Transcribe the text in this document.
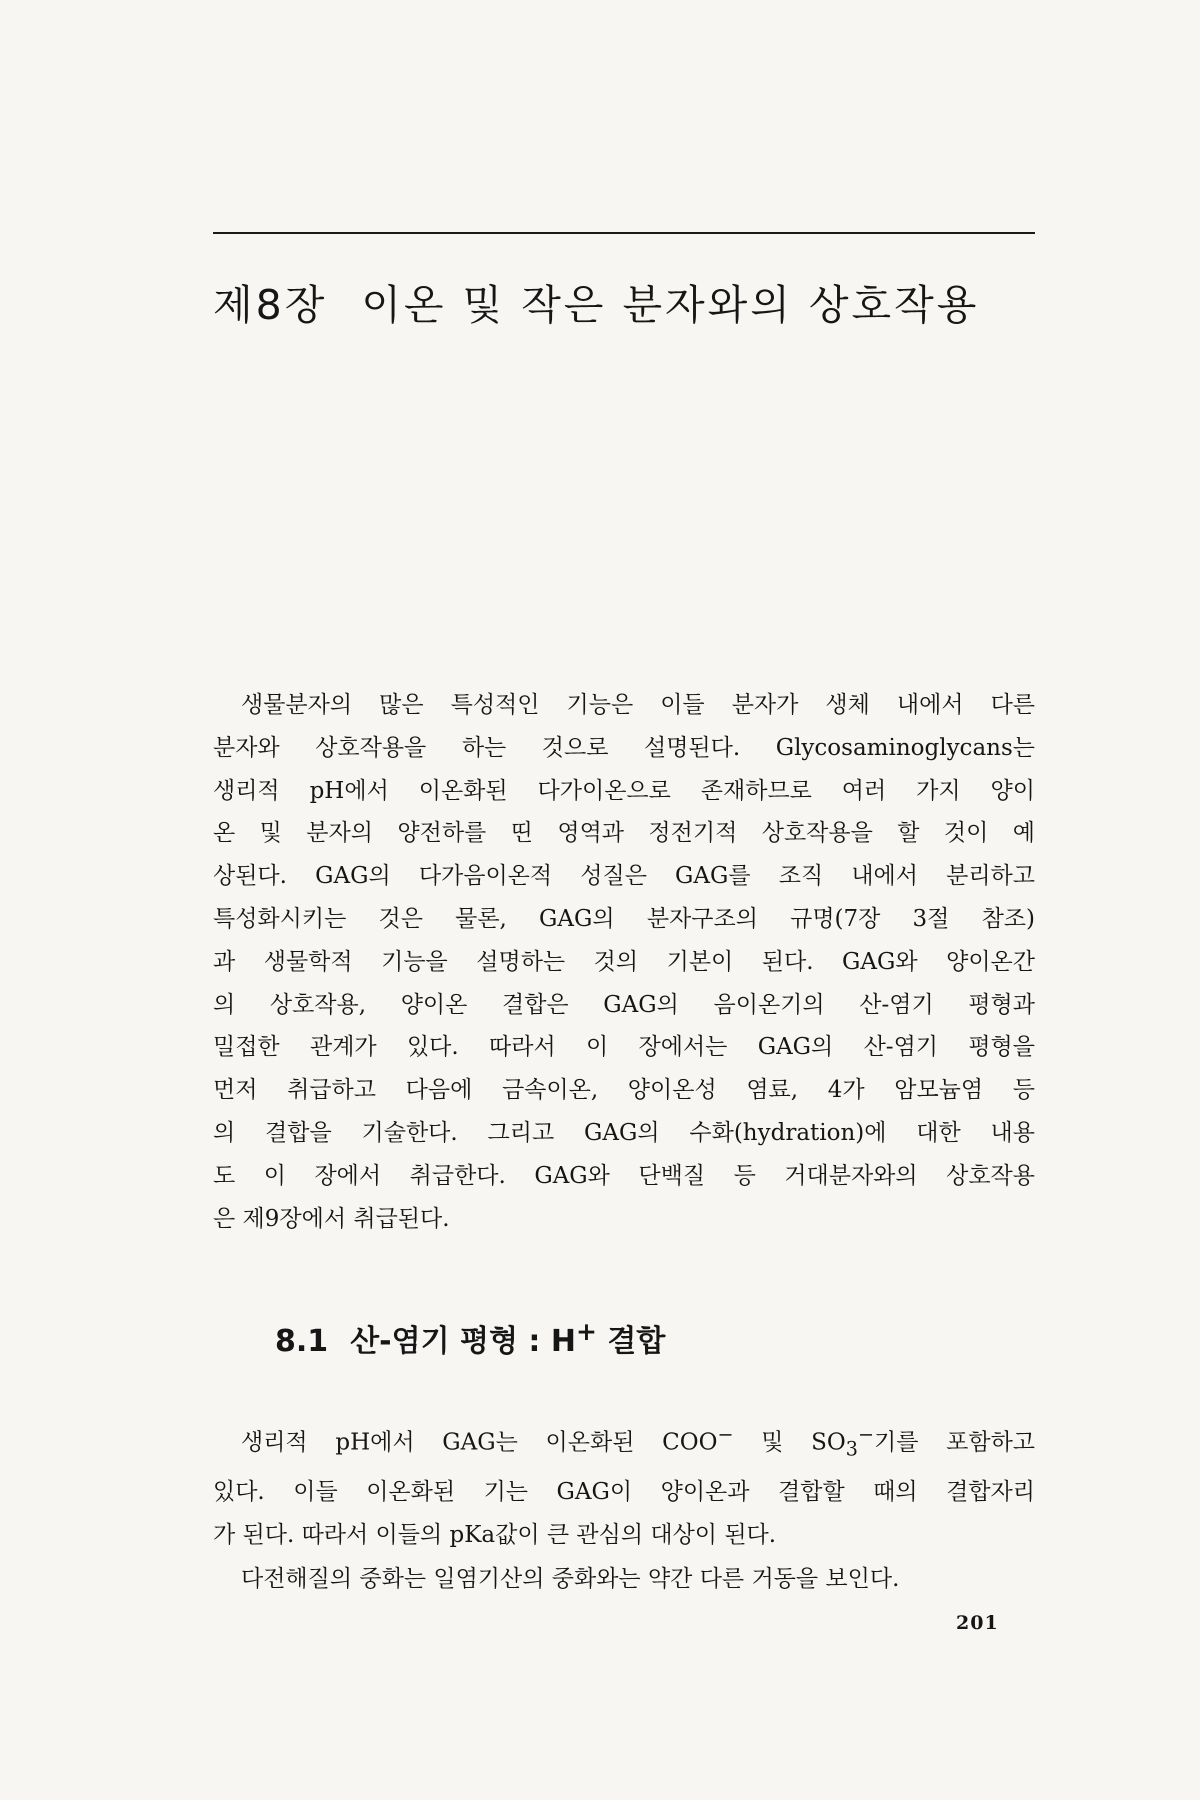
제8장 이온 및 작은 분자와의 상호작용
생물분자의 많은 특성적인 기능은 이들 분자가 생체 내에서 다른
분자와 상호작용을 하는 것으로 설명된다. Glycosaminoglycans는
생리적 pH에서 이온화된 다가이온으로 존재하므로 여러 가지 양이
온 및 분자의 양전하를 띤 영역과 정전기적 상호작용을 할 것이 예
상된다. GAG의 다가음이온적 성질은 GAG를 조직 내에서 분리하고
특성화시키는 것은 물론, GAG의 분자구조의 규명(7장 3절 참조)
과 생물학적 기능을 설명하는 것의 기본이 된다. GAG와 양이온간
의 상호작용, 양이온 결합은 GAG의 음이온기의 산-염기 평형과
밀접한 관계가 있다. 따라서 이 장에서는 GAG의 산-염기 평형을
먼저 취급하고 다음에 금속이온, 양이온성 염료, 4가 암모늄염 등
의 결합을 기술한다. 그리고 GAG의 수화(hydration)에 대한 내용
도 이 장에서 취급한다. GAG와 단백질 등 거대분자와의 상호작용
은 제9장에서 취급된다.
8.1 산-염기 평형 : H+ 결합
생리적 pH에서 GAG는 이온화된 COO− 및 $SO_3^-$기를 포함하고
있다. 이들 이온화된 기는 GAG이 양이온과 결합할 때의 결합자리
가 된다. 따라서 이들의 pKa값이 큰 관심의 대상이 된다.
다전해질의 중화는 일염기산의 중화와는 약간 다른 거동을 보인다.
201
